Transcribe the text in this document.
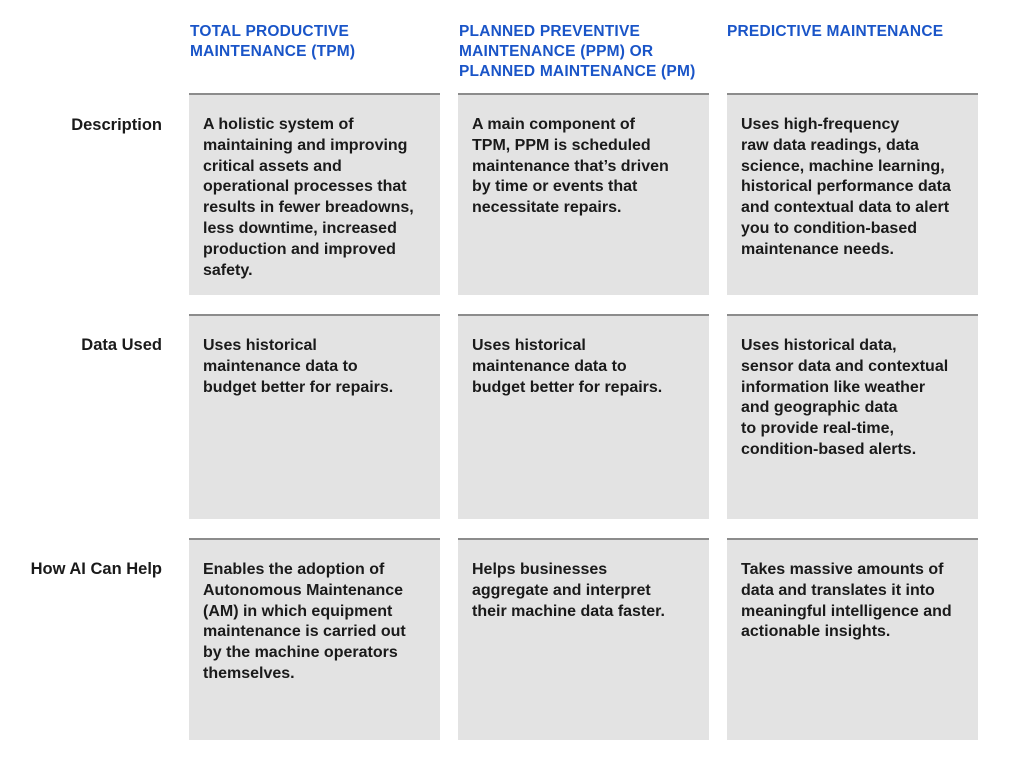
TOTAL PRODUCTIVE
MAINTENANCE (TPM)
PLANNED PREVENTIVE
MAINTENANCE (PPM) OR
PLANNED MAINTENANCE (PM)
PREDICTIVE MAINTENANCE
Description
Data Used
How AI Can Help
A holistic system of
maintaining and improving
critical assets and
operational processes that
results in fewer breadowns,
less downtime, increased
production and improved
safety.
A main component of
TPM, PPM is scheduled
maintenance that’s driven
by time or events that
necessitate repairs.
Uses high-frequency
raw data readings, data
science, machine learning,
historical performance data
and contextual data to alert
you to condition-based
maintenance needs.
Uses historical
maintenance data to
budget better for repairs.
Uses historical
maintenance data to
budget better for repairs.
Uses historical data,
sensor data and contextual
information like weather
and geographic data
to provide real-time,
condition-based alerts.
Enables the adoption of
Autonomous Maintenance
(AM) in which equipment
maintenance is carried out
by the machine operators
themselves.
Helps businesses
aggregate and interpret
their machine data faster.
Takes massive amounts of
data and translates it into
meaningful intelligence and
actionable insights.
